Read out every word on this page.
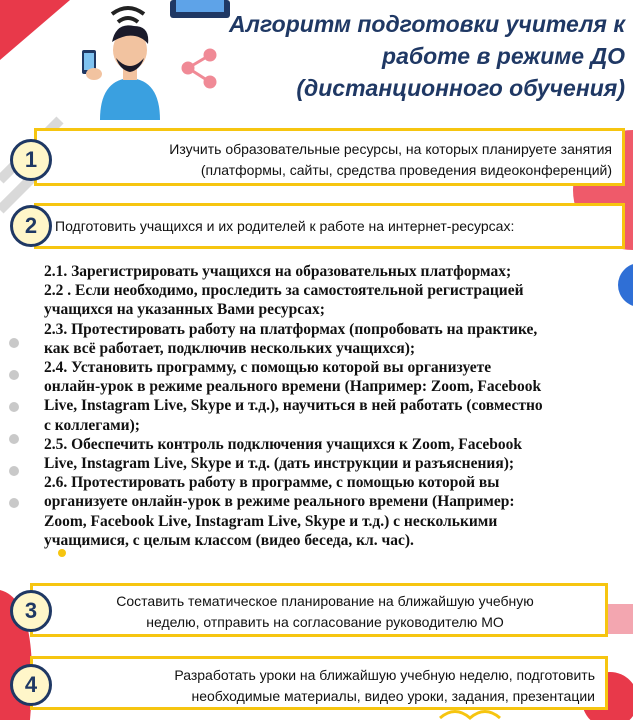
Алгоритм подготовки учителя к
работе в режиме ДО
(дистанционного обучения)
Изучить образовательные ресурсы, на которых планируете занятия
(платформы, сайты, средства проведения видеоконференций)
1
Подготовить учащихся и их родителей к работе на интернет-ресурсах:
2

2.1. Зарегистрировать учащихся на образовательных платформах;

2.2 . Если необходимо, проследить за самостоятельной регистрацией

учащихся на указанных Вами ресурсах;

2.3. Протестировать работу на платформах (попробовать на практике,

как всё работает, подключив нескольких учащихся);

2.4. Установить программу, с помощью которой вы организуете

онлайн-урок в режиме реального времени (Например: Zoom, Facebook

Live, Instagram Live, Skype и т.д.), научиться в ней работать (совместно

с коллегами);

2.5. Обеспечить контроль подключения учащихся к Zoom, Facebook

Live, Instagram Live, Skype и т.д. (дать инструкции и разъяснения);

2.6. Протестировать работу в программе, с помощью которой вы

организуете онлайн-урок в режиме реального времени (Например:

Zoom, Facebook Live, Instagram Live, Skype и т.д.) с несколькими

учащимися, с целым классом (видео беседа, кл. час).

Составить тематическое планирование на ближайшую учебную
неделю, отправить на согласование руководителю МО
3
Разработать уроки на ближайшую учебную неделю, подготовить
необходимые материалы, видео уроки, задания, презентации
4
